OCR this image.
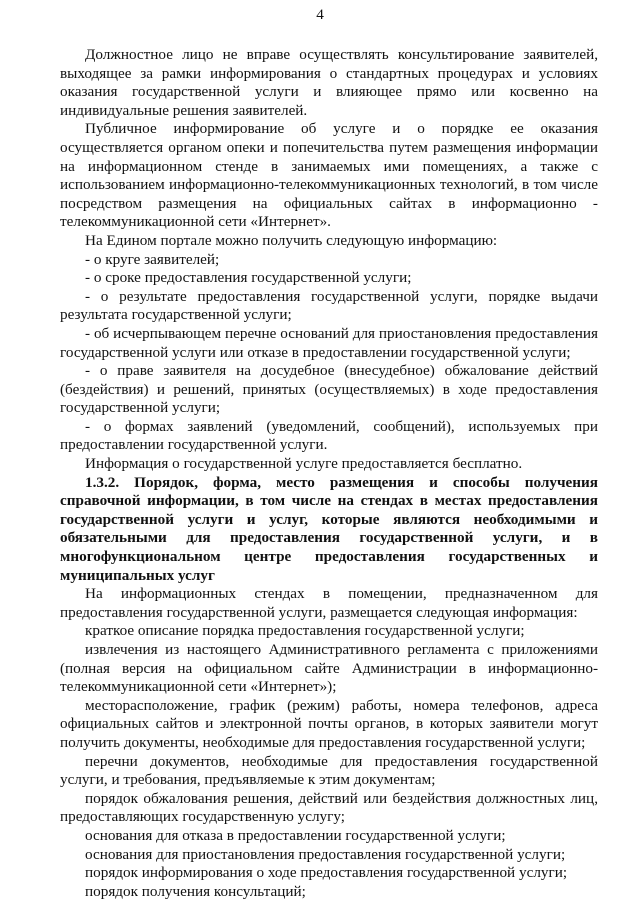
4

Должностное лицо не вправе осуществлять консультирование заявителей, выходящее за рамки информирования о стандартных процедурах и условиях оказания государственной услуги и влияющее прямо или косвенно на индивидуальные решения заявителей.

Публичное информирование об услуге и о порядке ее оказания осуществляется органом опеки и попечительства путем размещения информации на информационном стенде в занимаемых ими помещениях, а также с использованием информационно-телекоммуникационных технологий, в том числе посредством размещения на официальных сайтах в информационно - телекоммуникационной сети «Интернет».

На Едином портале можно получить следующую информацию:

- о круге заявителей;

- о сроке предоставления государственной услуги;

- о результате предоставления государственной услуги, порядке выдачи результата государственной услуги;

- об исчерпывающем перечне оснований для приостановления предоставления государственной услуги или отказе в предоставлении государственной услуги;

- о праве заявителя на досудебное (внесудебное) обжалование действий (бездействия) и решений, принятых (осуществляемых) в ходе предоставления государственной услуги;

- о формах заявлений (уведомлений, сообщений), используемых при предоставлении государственной услуги.

Информация о государственной услуге предоставляется бесплатно.

1.3.2. Порядок, форма, место размещения и способы получения справочной информации, в том числе на стендах в местах предоставления государственной услуги и услуг, которые являются необходимыми и обязательными для предоставления государственной услуги, и в многофункциональном центре предоставления государственных и муниципальных услуг

На информационных стендах в помещении, предназначенном для предоставления государственной услуги, размещается следующая информация:

краткое описание порядка предоставления государственной услуги;

извлечения из настоящего Административного регламента с приложениями (полная версия на официальном сайте Администрации в информационно-телекоммуникационной сети «Интернет»);

месторасположение, график (режим) работы, номера телефонов, адреса официальных сайтов и электронной почты органов, в которых заявители могут получить документы, необходимые для предоставления государственной услуги;

перечни документов, необходимые для предоставления государственной услуги, и требования, предъявляемые к этим документам;

порядок обжалования решения, действий или бездействия должностных лиц, предоставляющих государственную услугу;

основания для отказа в предоставлении государственной услуги;

основания для приостановления предоставления государственной услуги;

порядок информирования о ходе предоставления государственной услуги;

порядок получения консультаций;
